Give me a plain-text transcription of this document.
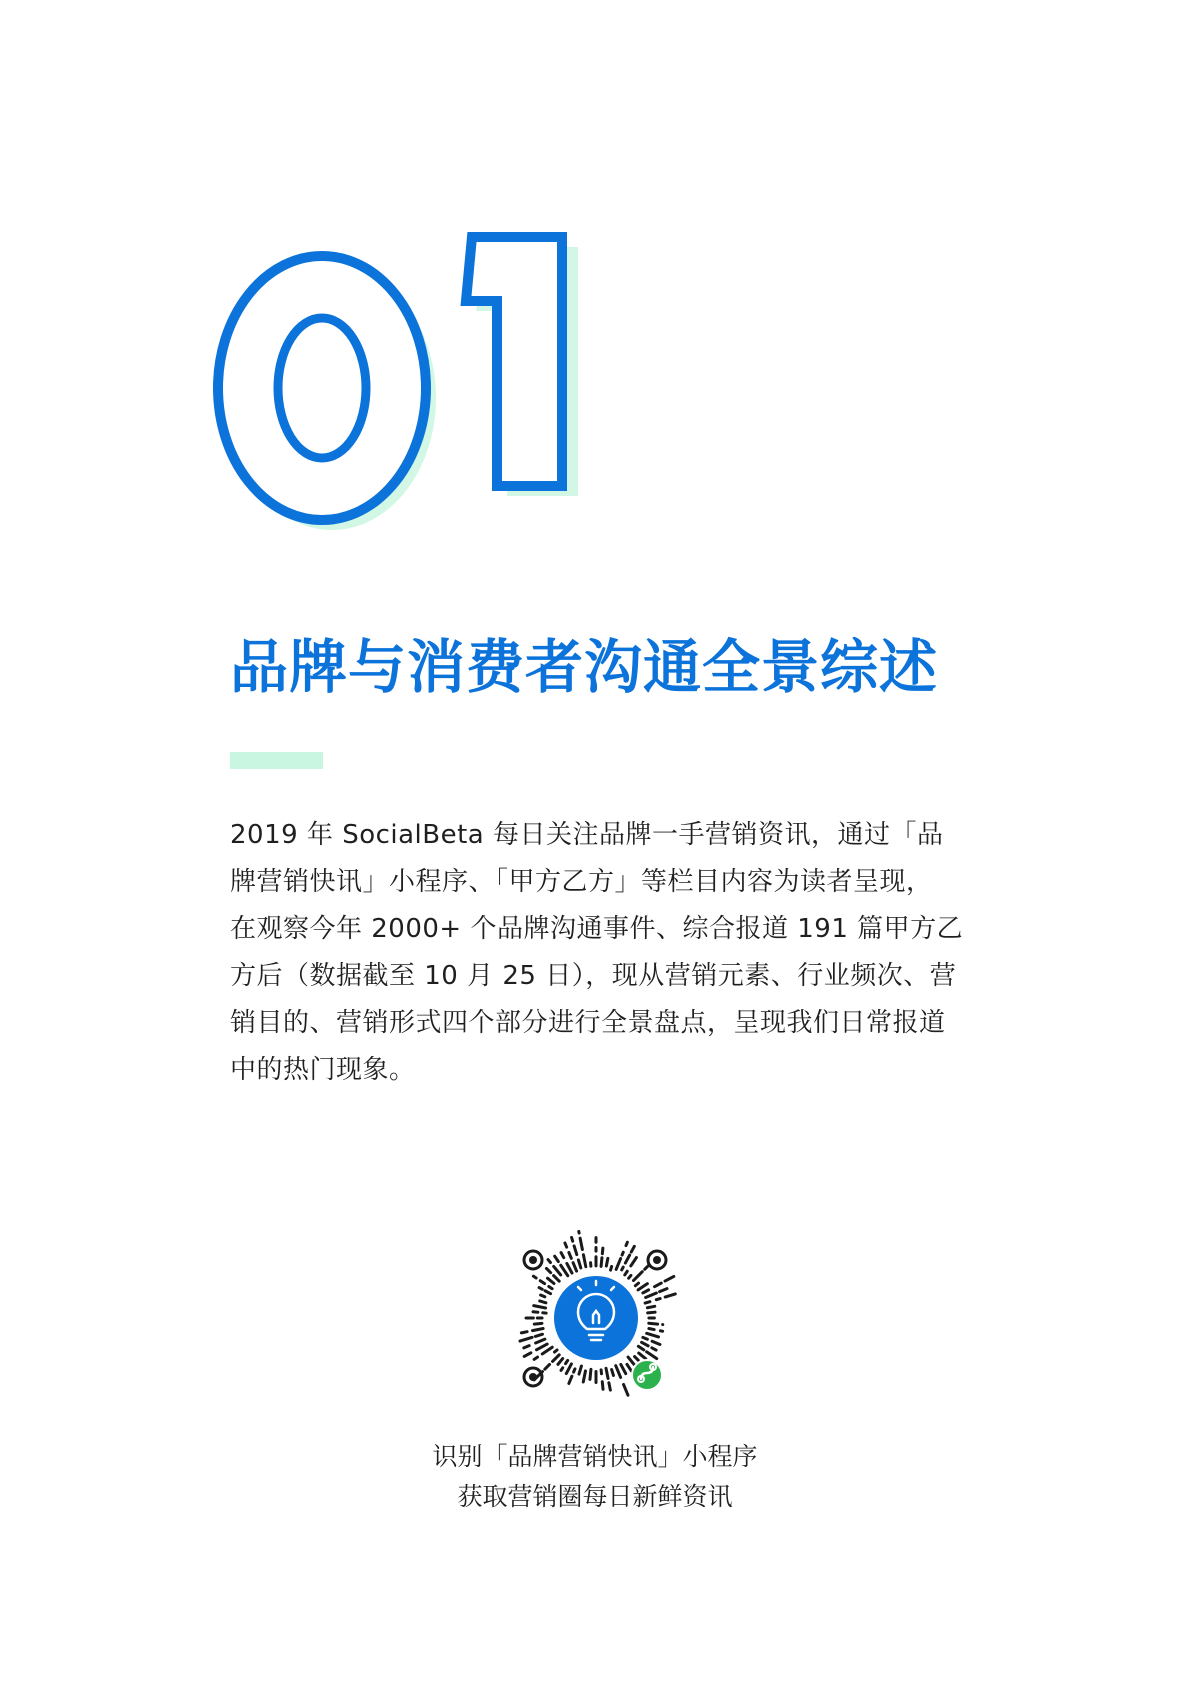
01
品牌与消费者沟通全景综述

2019 年 SocialBeta 每日关注品牌一手营销资讯，通过「品

牌营销快讯」小程序、「甲方乙方」等栏目内容为读者呈现，

在观察今年 2000+ 个品牌沟通事件、综合报道 191 篇甲方乙

方后（数据截至 10 月 25 日），现从营销元素、行业频次、营

销目的、营销形式四个部分进行全景盘点，呈现我们日常报道

中的热门现象。

识别「品牌营销快讯」小程序
获取营销圈每日新鲜资讯
